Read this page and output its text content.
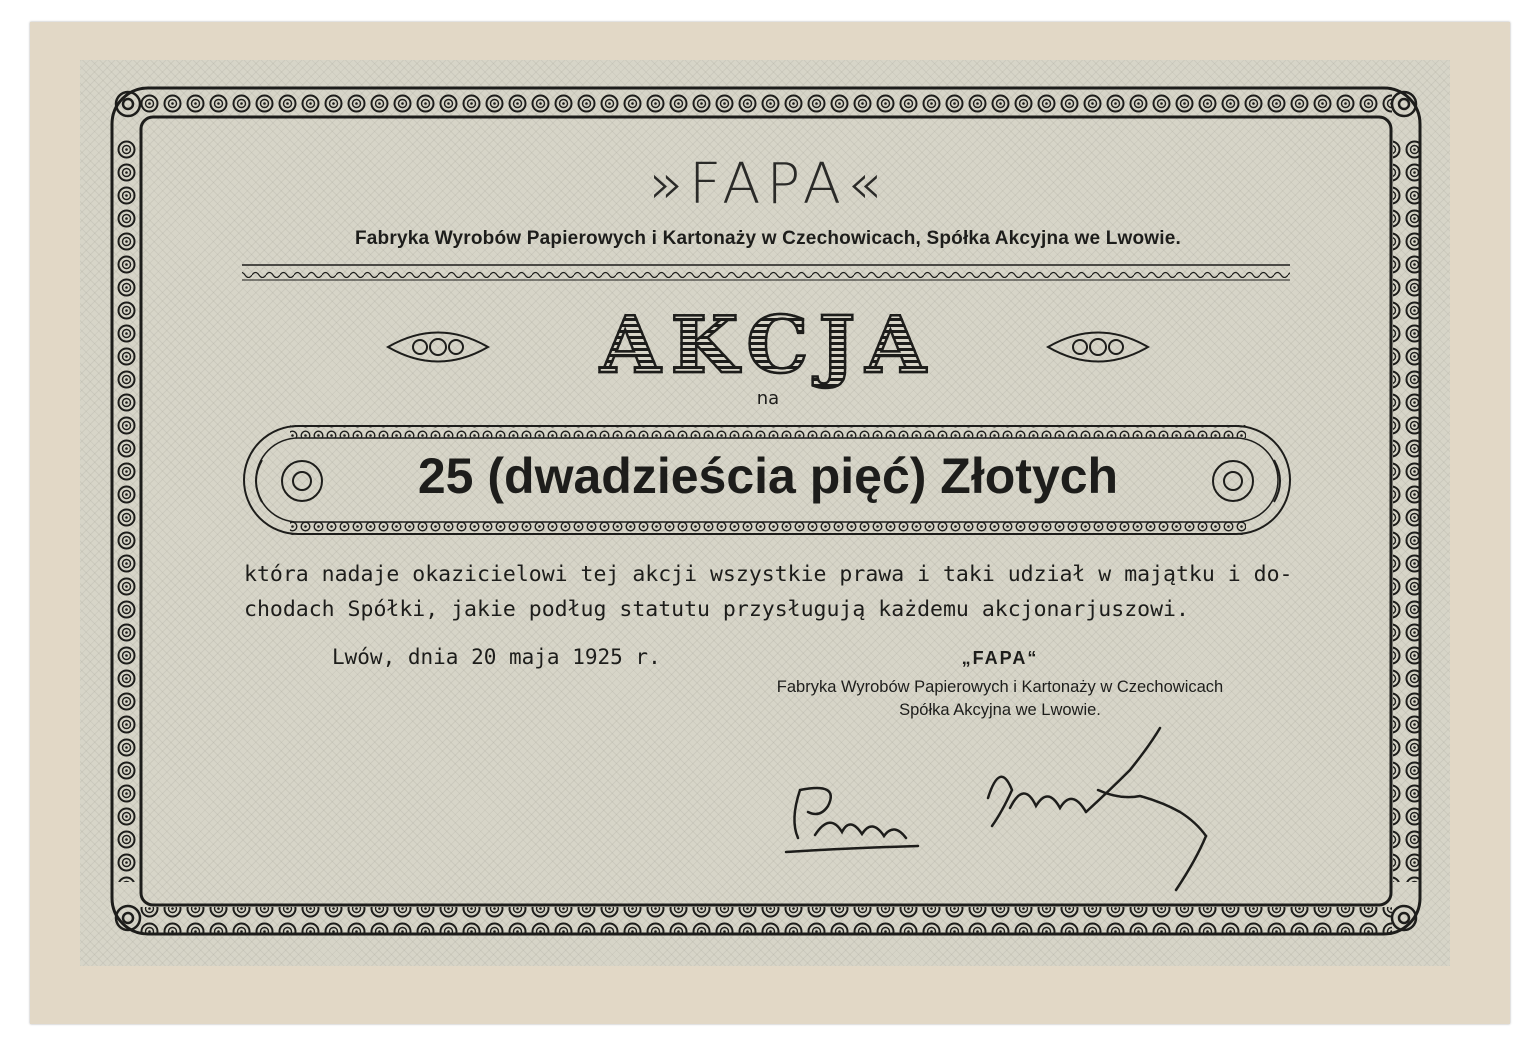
»FAPA«
Fabryka Wyrobów Papierowych i Kartonaży w Czechowicach, Spółka Akcyjna we Lwowie.
AKCJA
na
25 (dwadzieścia pięć) Złotych
która nadaje okazicielowi tej akcji wszystkie prawa i taki udział w majątku i do-
chodach Spółki, jakie podług statutu przysługują każdemu akcjonarjuszowi.
Lwów, dnia 20 maja 1925 r.	„FAPA“
Fabryka Wyrobów Papierowych i Kartonaży w Czechowicach
Spółka Akcyjna we Lwowie.
